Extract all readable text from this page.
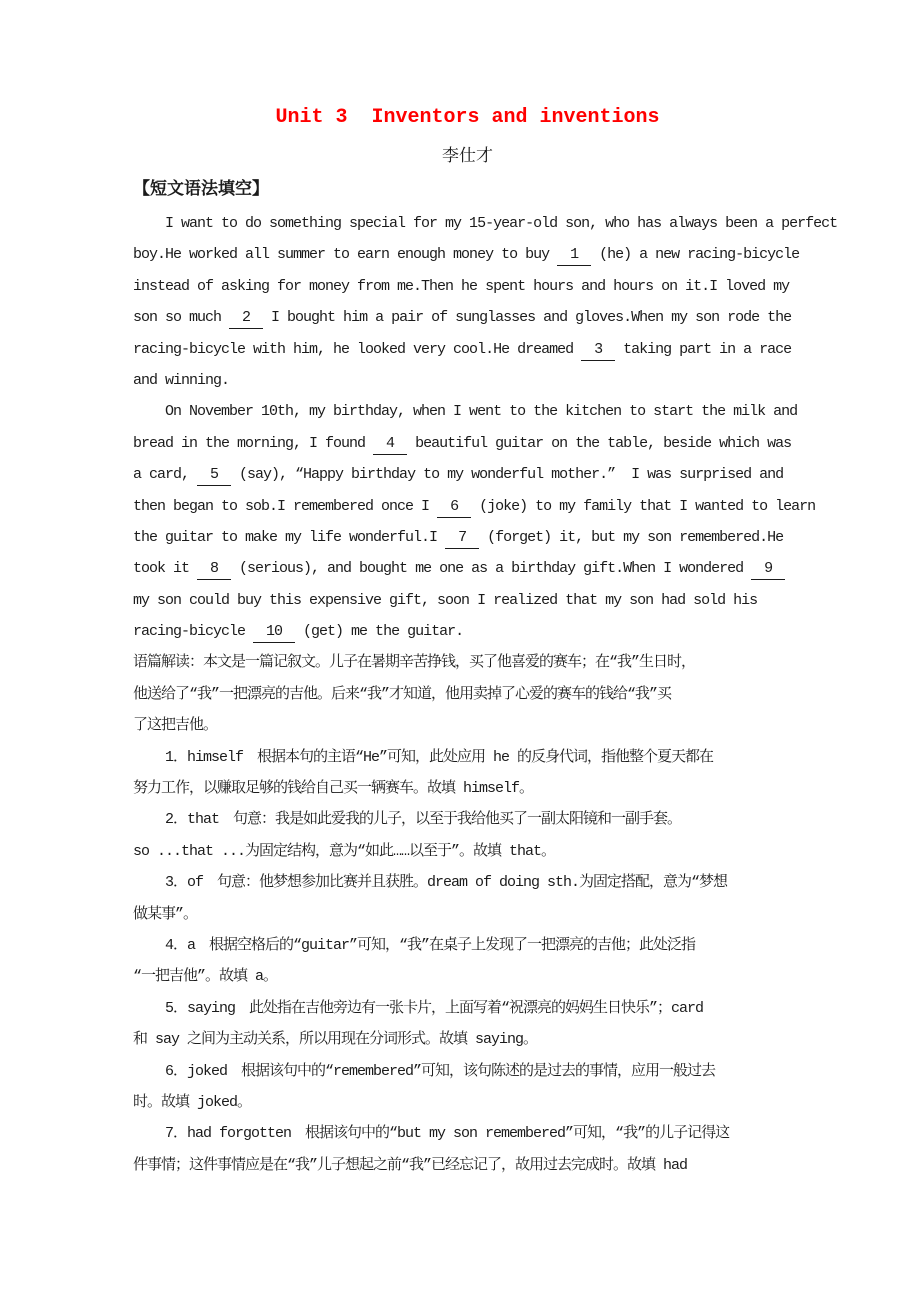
Unit 3  Inventors and inventions
李仕才
【短文语法填空】
I want to do something special for my 15-year-old son, who has always been a perfect
boy.He worked all summer to earn enough money to buy  1  (he) a new racing-bicycle
instead of asking for money from me.Then he spent hours and hours on it.I loved my
son so much  2  I bought him a pair of sunglasses and gloves.When my son rode the
racing-bicycle with him, he looked very cool.He dreamed  3  taking part in a race
and winning.
On November 10th, my birthday, when I went to the kitchen to start the milk and
bread in the morning, I found  4  beautiful guitar on the table, beside which was
a card,  5  (say), “Happy birthday to my wonderful mother.”  I was surprised and
then began to sob.I remembered once I  6  (joke) to my family that I wanted to learn
the guitar to make my life wonderful.I  7  (forget) it, but my son remembered.He
took it  8  (serious), and bought me one as a birthday gift.When I wondered  9
my son could buy this expensive gift, soon I realized that my son had sold his
racing-bicycle  10  (get) me the guitar.
语篇解读：本文是一篇记叙文。儿子在暑期辛苦挣钱，买了他喜爱的赛车；在“我”生日时，
他送给了“我”一把漂亮的吉他。后来“我”才知道，他用卖掉了心爱的赛车的钱给“我”买
了这把吉他。
1．himself　根据本句的主语“He”可知，此处应用 he 的反身代词，指他整个夏天都在
努力工作，以赚取足够的钱给自己买一辆赛车。故填 himself。
2．that　句意：我是如此爱我的儿子，以至于我给他买了一副太阳镜和一副手套。
so ...that ...为固定结构，意为“如此……以至于”。故填 that。
3．of　句意：他梦想参加比赛并且获胜。dream of doing sth.为固定搭配，意为“梦想
做某事”。
4．a　根据空格后的“guitar”可知，“我”在桌子上发现了一把漂亮的吉他；此处泛指
“一把吉他”。故填 a。
5．saying　此处指在吉他旁边有一张卡片，上面写着“祝漂亮的妈妈生日快乐”；card
和 say 之间为主动关系，所以用现在分词形式。故填 saying。
6．joked　根据该句中的“remembered”可知，该句陈述的是过去的事情，应用一般过去
时。故填 joked。
7．had forgotten　根据该句中的“but my son remembered”可知，“我”的儿子记得这
件事情；这件事情应是在“我”儿子想起之前“我”已经忘记了，故用过去完成时。故填 had
